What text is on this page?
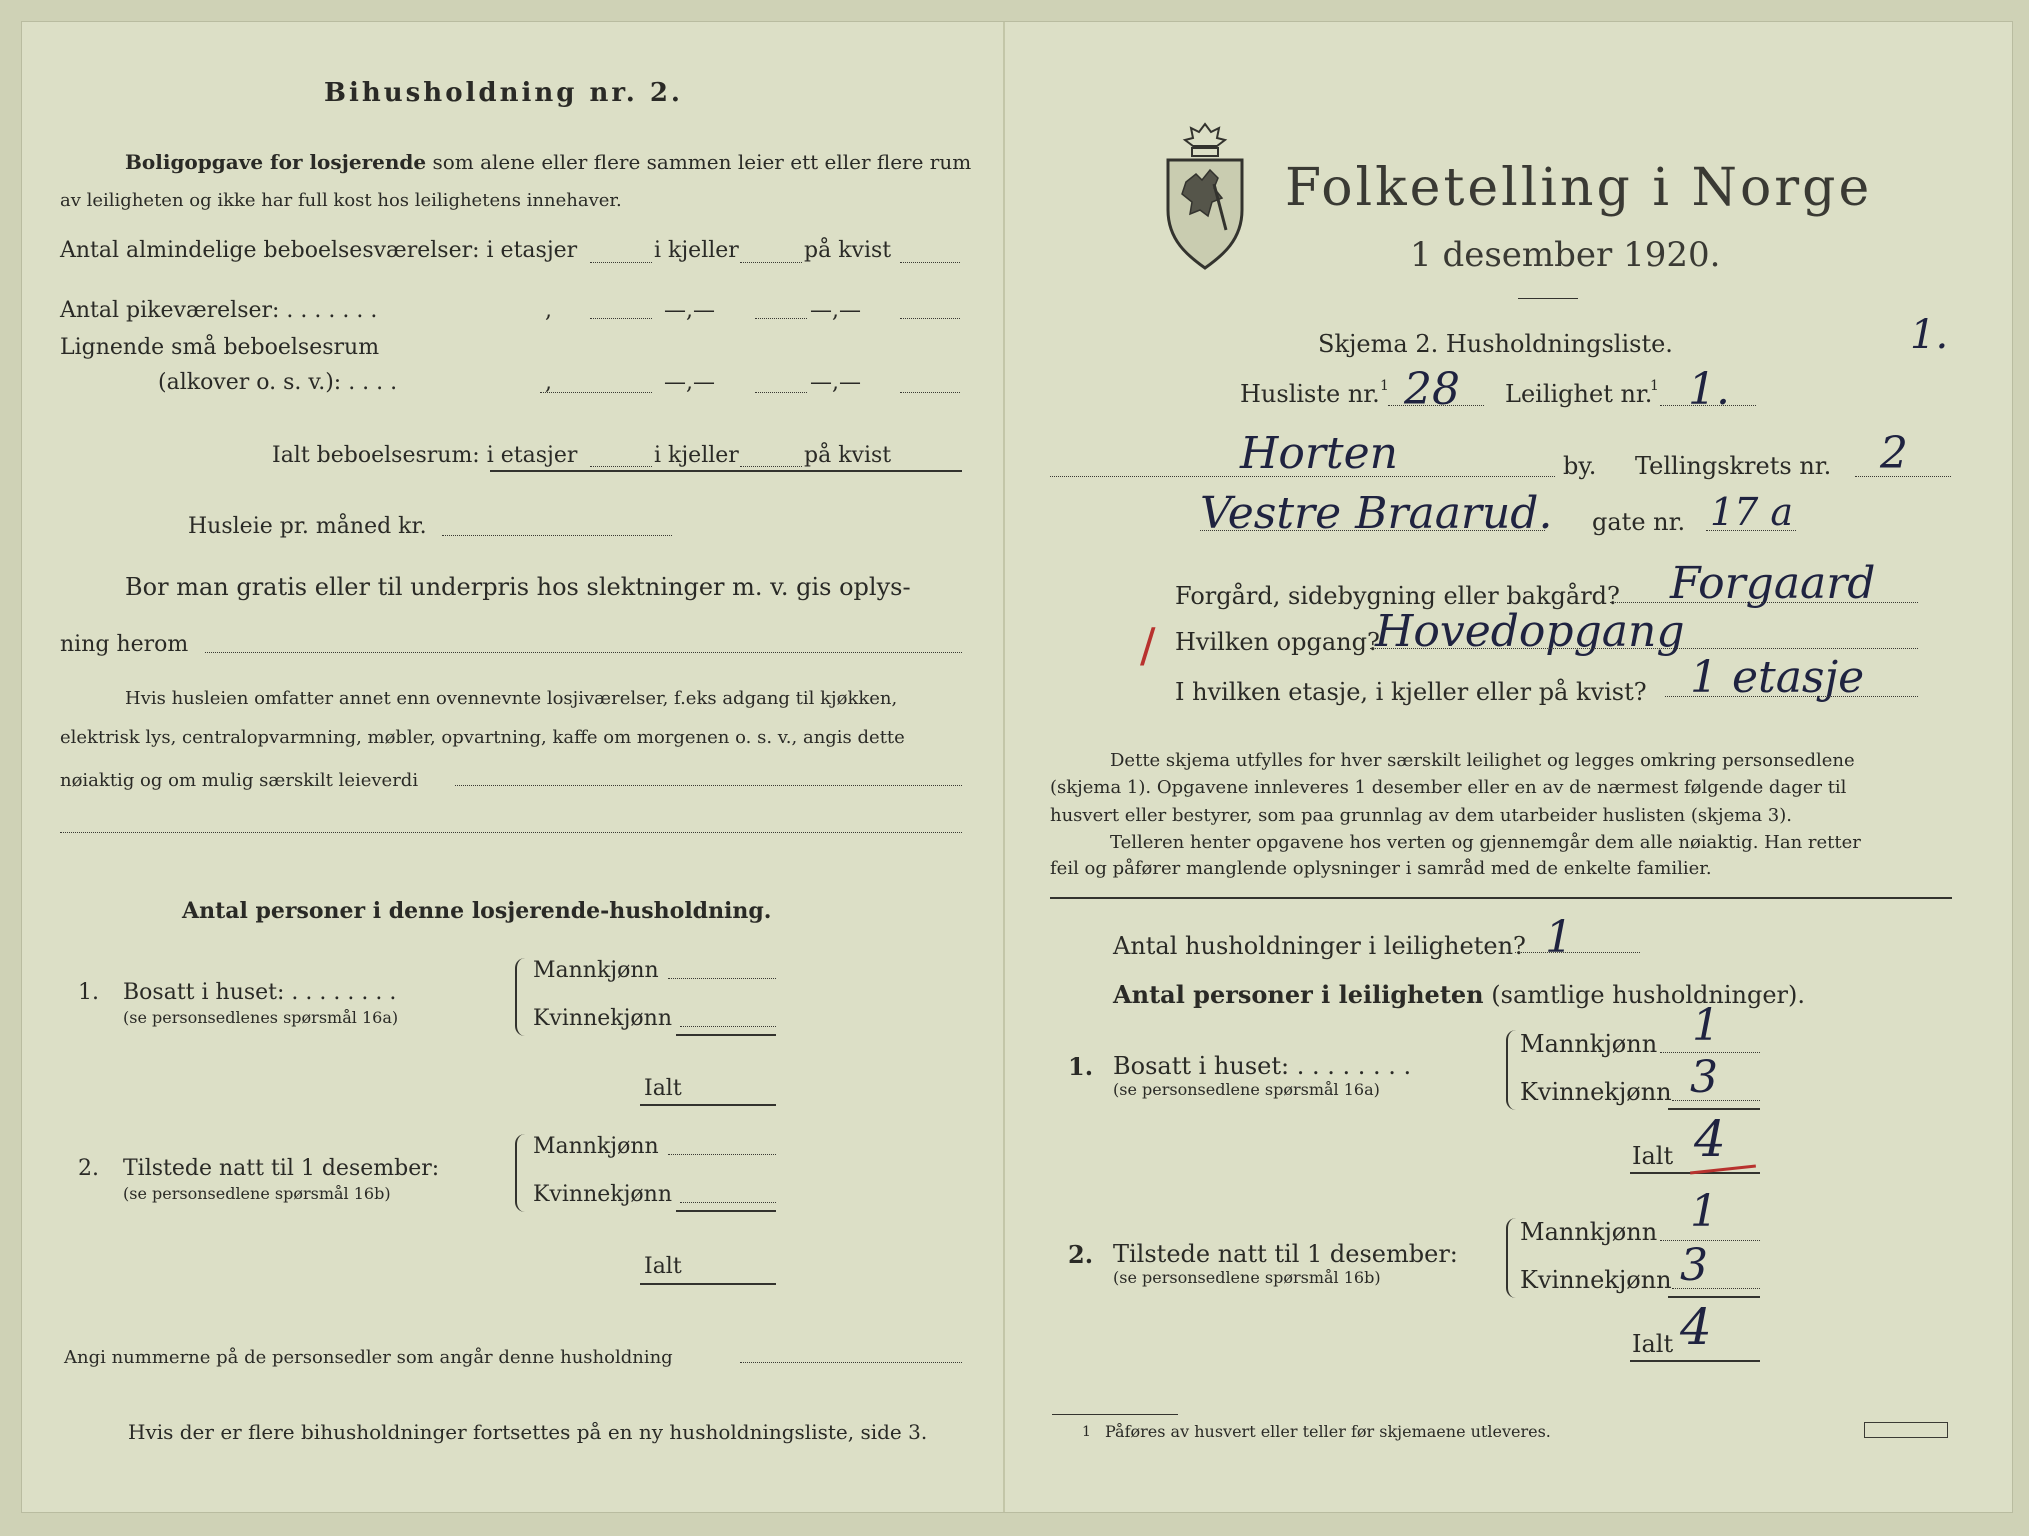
Bihusholdning nr. 2.
Boligopgave for losjerende som alene eller flere sammen leier ett eller flere rum
av leiligheten og ikke har full kost hos leilighetens innehaver.
Antal almindelige beboelsesværelser: i etasjer	i kjeller	på kvist
Antal pikeværelser: . . . . . . .	,	—,—	—,—
Lignende små beboelsesrum
(alkover o. s. v.): . . . .	,	—,—	—,—
Ialt beboelsesrum: i etasjer	i kjeller	på kvist
Husleie pr. måned kr.
Bor man gratis eller til underpris hos slektninger m. v. gis oplys-
ning herom
Hvis husleien omfatter annet enn ovennevnte losjiværelser, f.eks adgang til kjøkken,
elektrisk lys, centralopvarmning, møbler, opvartning, kaffe om morgenen o. s. v., angis dette
nøiaktig og om mulig særskilt leieverdi
Antal personer i denne losjerende-husholdning.
1. Bosatt i huset: . . . . . . . .
(se personsedlenes spørsmål 16a)
Mannkjønn
Kvinnekjønn
Ialt
2. Tilstede natt til 1 desember:
(se personsedlene spørsmål 16b)
Mannkjønn
Kvinnekjønn
Ialt
Angi nummerne på de personsedler som angår denne husholdning
Hvis der er flere bihusholdninger fortsettes på en ny husholdningsliste, side 3.
Folketelling i Norge
1 desember 1920.
Skjema 2. Husholdningsliste.	1.
Husliste nr. 1 28 Leilighet nr.
1 1.
Horten	by. Tellingskrets nr. 2
Vestre Braarud. gate nr. 17 a
Forgård, sidebygning eller bakgård? Forgaard
/ Hvilken opgang?
Hovedopgang
I hvilken etasje, i kjeller eller på kvist? 1 etasje
Dette skjema utfylles for hver særskilt leilighet og legges omkring personsedlene
(skjema 1). Opgavene innleveres 1 desember eller en av de nærmest følgende dager til
husvert eller bestyrer, som paa grunnlag av dem utarbeider huslisten (skjema 3).
Telleren henter opgavene hos verten og gjennemgår dem alle nøiaktig. Han retter
feil og påfører manglende oplysninger i samråd med de enkelte familier.
Antal husholdninger i leiligheten? 1
Antal personer i leiligheten (samtlige husholdninger).
1. Bosatt i huset: . . . . . . . .
(se personsedlene spørsmål 16a)
Mannkjønn 1
Kvinnekjønn 3
Ialt 4
2. Tilstede natt til 1 desember:
(se personsedlene spørsmål 16b)
Mannkjønn 1
Kvinnekjønn 3
Ialt 4
1 Påføres av husvert eller teller før skjemaene utleveres.
